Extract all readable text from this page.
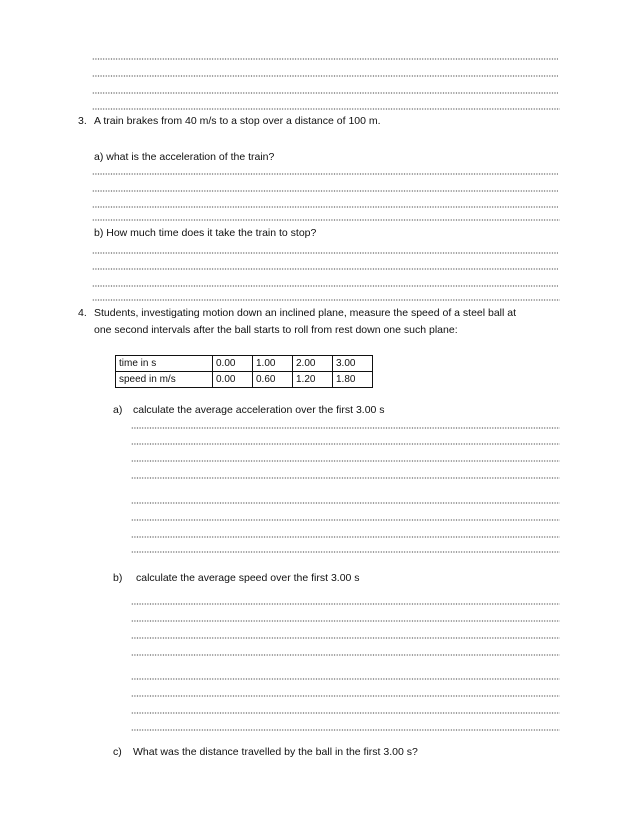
3. A train brakes from 40 m/s to a stop over a distance of 100 m.
a) what is the acceleration of the train?
b) How much time does it take the train to stop?
4. Students, investigating motion down an inclined plane, measure the speed of a steel ball at
one second intervals after the ball starts to roll from rest down one such plane:
time in s	0.00	1.00	2.00	3.00
speed in m/s	0.00	0.60	1.20	1.80
a) calculate the average acceleration over the first 3.00 s
b) calculate the average speed over the first 3.00 s
c) What was the distance travelled by the ball in the first 3.00 s?
